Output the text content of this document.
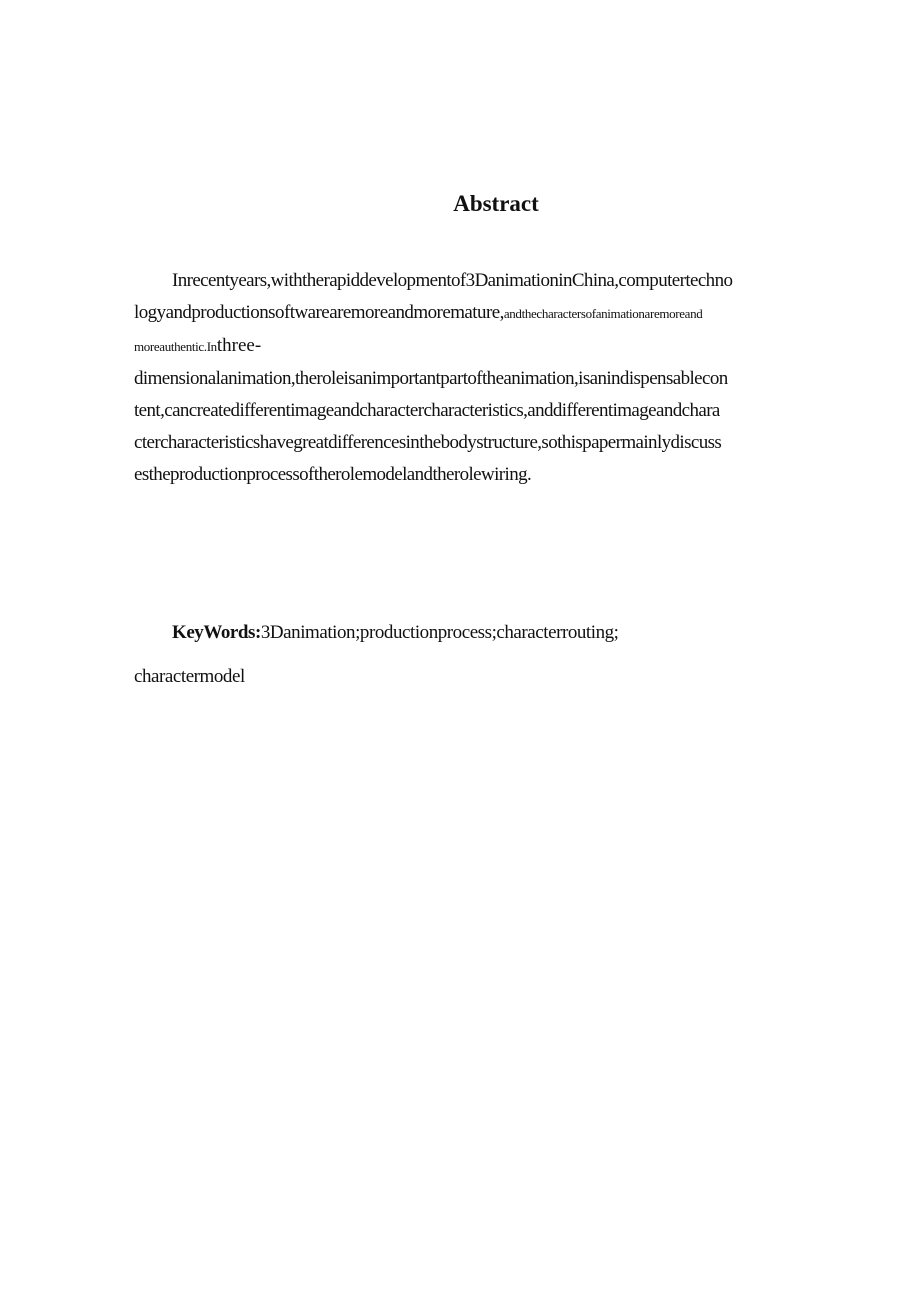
Abstract

Inrecentyears,withtherapiddevelopmentof3DanimationinChina,computertechno

logyandproductionsoftwarearemoreandmoremature,andthecharactersofanimationaremoreand

moreauthentic.Inthree-

dimensionalanimation,theroleisanimportantpartoftheanimation,isanindispensablecon

tent,cancreatedifferentimageandcharactercharacteristics,anddifferentimageandchara

ctercharacteristicshavegreatdifferencesinthebodystructure,sothispapermainlydiscuss

estheproductionprocessoftherolemodelandtherolewiring.

KeyWords:3Danimation;productionprocess;characterrouting;

charactermodel
